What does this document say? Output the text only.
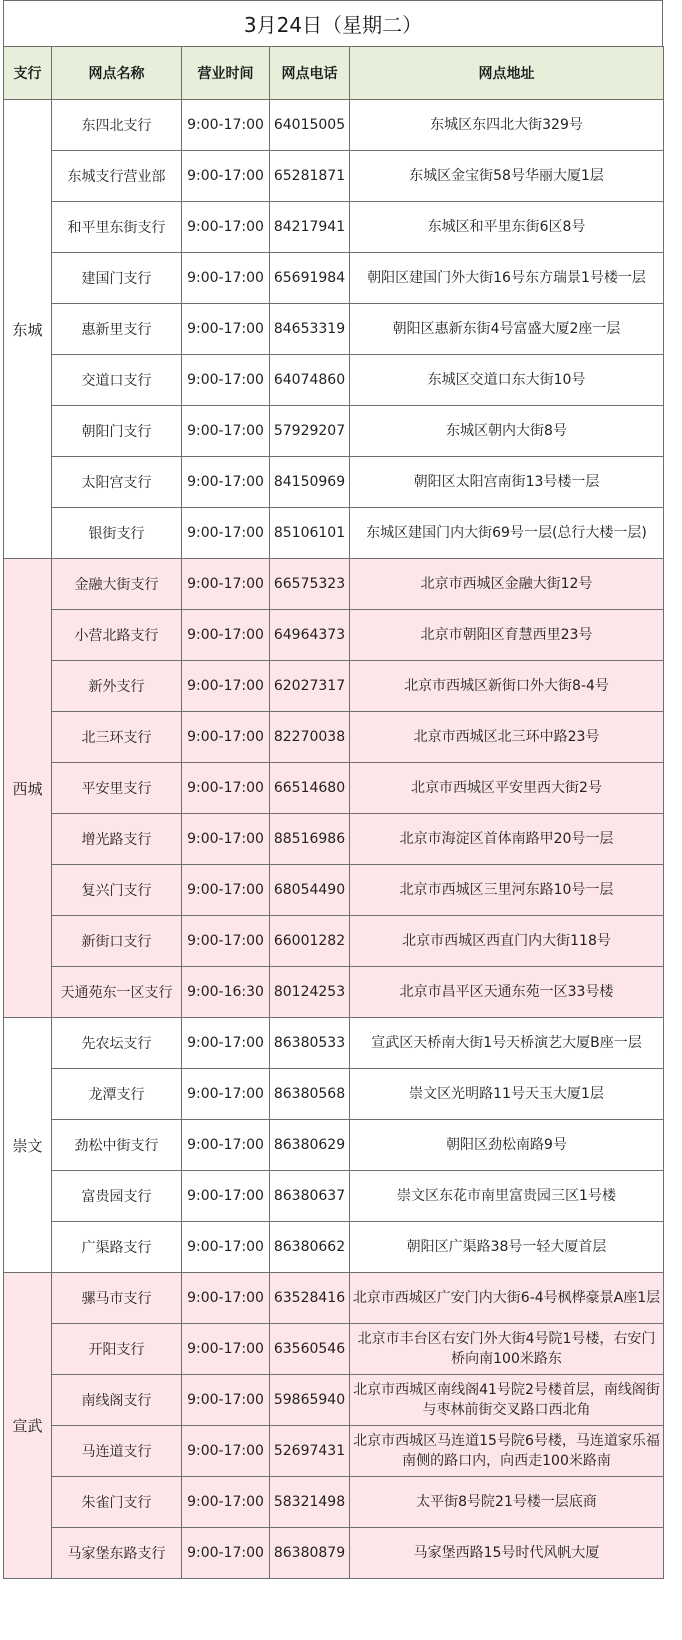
3月24日（星期二）
支行	网点名称	营业时间	网点电话	网点地址
东城	东四北支行	9:00-17:00	64015005	东城区东四北大街329号
	东城支行营业部	9:00-17:00	65281871	东城区金宝街58号华丽大厦1层
	和平里东街支行	9:00-17:00	84217941	东城区和平里东街6区8号
	建国门支行	9:00-17:00	65691984	朝阳区建国门外大街16号东方瑞景1号楼一层
	惠新里支行	9:00-17:00	84653319	朝阳区惠新东街4号富盛大厦2座一层
	交道口支行	9:00-17:00	64074860	东城区交道口东大街10号
	朝阳门支行	9:00-17:00	57929207	东城区朝内大街8号
	太阳宫支行	9:00-17:00	84150969	朝阳区太阳宫南街13号楼一层
	银街支行	9:00-17:00	85106101	东城区建国门内大街69号一层(总行大楼一层)
西城	金融大街支行	9:00-17:00	66575323	北京市西城区金融大街12号
	小营北路支行	9:00-17:00	64964373	北京市朝阳区育慧西里23号
	新外支行	9:00-17:00	62027317	北京市西城区新街口外大街8-4号
	北三环支行	9:00-17:00	82270038	北京市西城区北三环中路23号
	平安里支行	9:00-17:00	66514680	北京市西城区平安里西大街2号
	增光路支行	9:00-17:00	88516986	北京市海淀区首体南路甲20号一层
	复兴门支行	9:00-17:00	68054490	北京市西城区三里河东路10号一层
	新街口支行	9:00-17:00	66001282	北京市西城区西直门内大街118号
	天通苑东一区支行	9:00-16:30	80124253	北京市昌平区天通东苑一区33号楼
崇文	先农坛支行	9:00-17:00	86380533	宣武区天桥南大街1号天桥演艺大厦B座一层
	龙潭支行	9:00-17:00	86380568	崇文区光明路11号天玉大厦1层
	劲松中街支行	9:00-17:00	86380629	朝阳区劲松南路9号
	富贵园支行	9:00-17:00	86380637	崇文区东花市南里富贵园三区1号楼
	广渠路支行	9:00-17:00	86380662	朝阳区广渠路38号一轻大厦首层
宣武	骡马市支行	9:00-17:00	63528416	北京市西城区广安门内大街6-4号枫桦豪景A座1层
	开阳支行	9:00-17:00	63560546	北京市丰台区右安门外大街4号院1号楼，右安门桥向南100米路东
	南线阁支行	9:00-17:00	59865940	北京市西城区南线阁41号院2号楼首层，南线阁街与枣林前街交叉路口西北角
	马连道支行	9:00-17:00	52697431	北京市西城区马连道15号院6号楼，马连道家乐福南侧的路口内，向西走100米路南
	朱雀门支行	9:00-17:00	58321498	太平街8号院21号楼一层底商
	马家堡东路支行	9:00-17:00	86380879	马家堡西路15号时代风帆大厦
